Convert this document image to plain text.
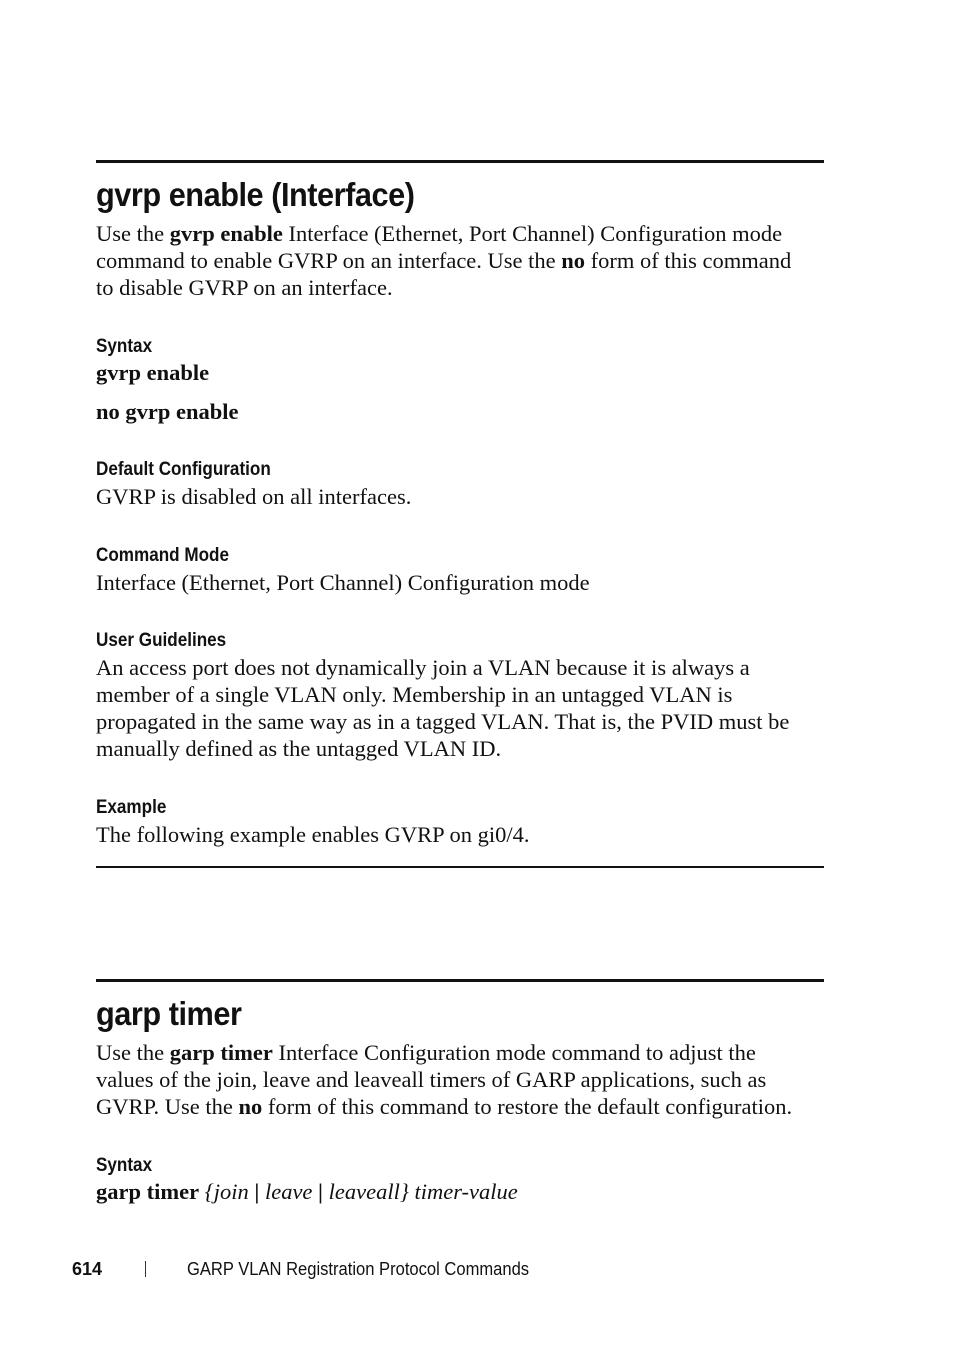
gvrp enable (Interface)

Use the gvrp enable Interface (Ethernet, Port Channel) Configuration mode
command to enable GVRP on an interface. Use the no form of this command
to disable GVRP on an interface.

Syntax

gvrp enable

no gvrp enable

Default Configuration

GVRP is disabled on all interfaces.

Command Mode

Interface (Ethernet, Port Channel) Configuration mode

User Guidelines

An access port does not dynamically join a VLAN because it is always a
member of a single VLAN only. Membership in an untagged VLAN is
propagated in the same way as in a tagged VLAN. That is, the PVID must be
manually defined as the untagged VLAN ID.

Example

The following example enables GVRP on gi0/4.

garp timer

Use the garp timer Interface Configuration mode command to adjust the
values of the join, leave and leaveall timers of GARP applications, such as
GVRP. Use the no form of this command to restore the default configuration.

Syntax

garp timer {join | leave | leaveall} timer-value

614	GARP VLAN Registration Protocol Commands
